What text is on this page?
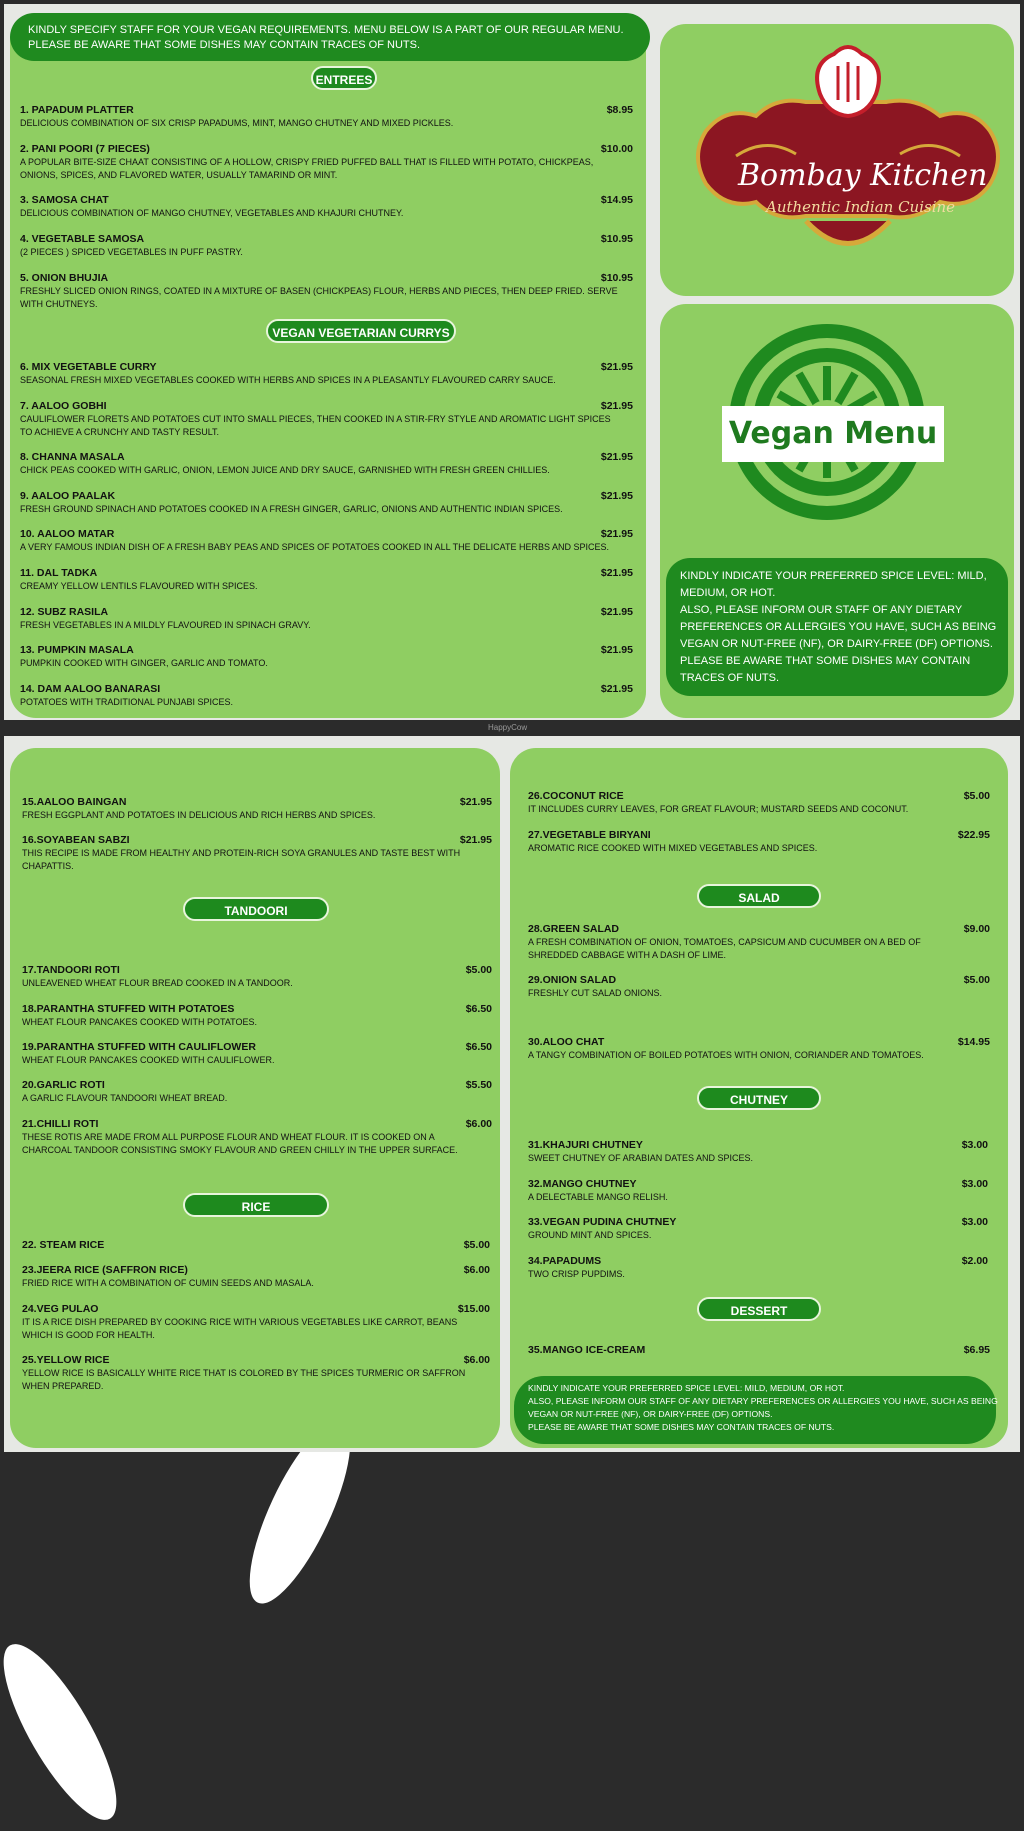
HappyCow

KINDLY SPECIFY STAFF FOR YOUR VEGAN REQUIREMENTS. MENU BELOW IS A PART OF OUR REGULAR MENU.
PLEASE BE AWARE THAT SOME DISHES MAY CONTAIN TRACES OF NUTS.
Bombay Kitchen
Authentic Indian Cuisine
Vegan Menu
KINDLY INDICATE YOUR PREFERRED SPICE LEVEL: MILD,
MEDIUM, OR HOT.
ALSO, PLEASE INFORM OUR STAFF OF ANY DIETARY
PREFERENCES OR ALLERGIES YOU HAVE, SUCH AS BEING
VEGAN OR NUT-FREE (NF), OR DAIRY-FREE (DF) OPTIONS.
PLEASE BE AWARE THAT SOME DISHES MAY CONTAIN
TRACES OF NUTS.
KINDLY INDICATE YOUR PREFERRED SPICE LEVEL: MILD, MEDIUM, OR HOT.
ALSO, PLEASE INFORM OUR STAFF OF ANY DIETARY PREFERENCES OR ALLERGIES YOU HAVE, SUCH AS BEING
VEGAN OR NUT-FREE (NF), OR DAIRY-FREE (DF) OPTIONS.
PLEASE BE AWARE THAT SOME DISHES MAY CONTAIN TRACES OF NUTS.
ENTREES
VEGAN VEGETARIAN CURRYS
TANDOORI
RICE
SALAD
CHUTNEY
DESSERT
1. PAPADUM PLATTER	$8.95
DELICIOUS COMBINATION OF SIX CRISP PAPADUMS, MINT, MANGO CHUTNEY AND MIXED PICKLES.
2. PANI POORI (7 PIECES)	$10.00
A POPULAR BITE-SIZE CHAAT CONSISTING OF A HOLLOW, CRISPY FRIED PUFFED BALL THAT IS FILLED WITH POTATO, CHICKPEAS,
ONIONS, SPICES, AND FLAVORED WATER, USUALLY TAMARIND OR MINT.
3. SAMOSA CHAT	$14.95
DELICIOUS COMBINATION OF MANGO CHUTNEY, VEGETABLES AND KHAJURI CHUTNEY.
4. VEGETABLE SAMOSA	$10.95
(2 PIECES ) SPICED VEGETABLES IN PUFF PASTRY.
5. ONION BHUJIA	$10.95
FRESHLY SLICED ONION RINGS, COATED IN A MIXTURE OF BASEN (CHICKPEAS) FLOUR, HERBS AND PIECES, THEN DEEP FRIED. SERVE
WITH CHUTNEYS.
6. MIX VEGETABLE CURRY	$21.95
SEASONAL FRESH MIXED VEGETABLES COOKED WITH HERBS AND SPICES IN A PLEASANTLY FLAVOURED CARRY SAUCE.
7. AALOO GOBHI	$21.95
CAULIFLOWER FLORETS AND POTATOES CUT INTO SMALL PIECES, THEN COOKED IN A STIR-FRY STYLE AND AROMATIC LIGHT SPICES
TO ACHIEVE A CRUNCHY AND TASTY RESULT.
8. CHANNA MASALA	$21.95
CHICK PEAS COOKED WITH GARLIC, ONION, LEMON JUICE AND DRY SAUCE, GARNISHED WITH FRESH GREEN CHILLIES.
9. AALOO PAALAK	$21.95
FRESH GROUND SPINACH AND POTATOES COOKED IN A FRESH GINGER, GARLIC, ONIONS AND AUTHENTIC INDIAN SPICES.
10. AALOO MATAR	$21.95
A VERY FAMOUS INDIAN DISH OF A FRESH BABY PEAS AND SPICES OF POTATOES COOKED IN ALL THE DELICATE HERBS AND SPICES.
11. DAL TADKA	$21.95
CREAMY YELLOW LENTILS FLAVOURED WITH SPICES.
12. SUBZ RASILA	$21.95
FRESH VEGETABLES IN A MILDLY FLAVOURED IN SPINACH GRAVY.
13. PUMPKIN MASALA	$21.95
PUMPKIN COOKED WITH GINGER, GARLIC AND TOMATO.
14. DAM AALOO BANARASI	$21.95
POTATOES WITH TRADITIONAL PUNJABI SPICES.
15.AALOO BAINGAN	$21.95
FRESH EGGPLANT AND POTATOES IN DELICIOUS AND RICH HERBS AND SPICES.
16.SOYABEAN SABZI	$21.95
THIS RECIPE IS MADE FROM HEALTHY AND PROTEIN-RICH SOYA GRANULES AND TASTE BEST WITH
CHAPATTIS.
17.TANDOORI ROTI	$5.00
UNLEAVENED WHEAT FLOUR BREAD COOKED IN A TANDOOR.
18.PARANTHA STUFFED WITH POTATOES	$6.50
WHEAT FLOUR PANCAKES COOKED WITH POTATOES.
19.PARANTHA STUFFED WITH CAULIFLOWER	$6.50
WHEAT FLOUR PANCAKES COOKED WITH CAULIFLOWER.
20.GARLIC ROTI	$5.50
A GARLIC FLAVOUR TANDOORI WHEAT BREAD.
21.CHILLI ROTI	$6.00
THESE ROTIS ARE MADE FROM ALL PURPOSE FLOUR AND WHEAT FLOUR. IT IS COOKED ON A
CHARCOAL TANDOOR CONSISTING SMOKY FLAVOUR AND GREEN CHILLY IN THE UPPER SURFACE.
22. STEAM RICE	$5.00
23.JEERA RICE (SAFFRON RICE)	$6.00
FRIED RICE WITH A COMBINATION OF CUMIN SEEDS AND MASALA.
24.VEG PULAO	$15.00
IT IS A RICE DISH PREPARED BY COOKING RICE WITH VARIOUS VEGETABLES LIKE CARROT, BEANS
WHICH IS GOOD FOR HEALTH.
25.YELLOW RICE	$6.00
YELLOW RICE IS BASICALLY WHITE RICE THAT IS COLORED BY THE SPICES TURMERIC OR SAFFRON
WHEN PREPARED.
26.COCONUT RICE	$5.00
IT INCLUDES CURRY LEAVES, FOR GREAT FLAVOUR; MUSTARD SEEDS AND COCONUT.
27.VEGETABLE BIRYANI	$22.95
AROMATIC RICE COOKED WITH MIXED VEGETABLES AND SPICES.
28.GREEN SALAD	$9.00
A FRESH COMBINATION OF ONION, TOMATOES, CAPSICUM AND CUCUMBER ON A BED OF
SHREDDED CABBAGE WITH A DASH OF LIME.
29.ONION SALAD	$5.00
FRESHLY CUT SALAD ONIONS.
30.ALOO CHAT	$14.95
A TANGY COMBINATION OF BOILED POTATOES WITH ONION, CORIANDER AND TOMATOES.
31.KHAJURI CHUTNEY	$3.00
SWEET CHUTNEY OF ARABIAN DATES AND SPICES.
32.MANGO CHUTNEY	$3.00
A DELECTABLE MANGO RELISH.
33.VEGAN PUDINA CHUTNEY	$3.00
GROUND MINT AND SPICES.
34.PAPADUMS	$2.00
TWO CRISP PUPDIMS.
35.MANGO ICE-CREAM	$6.95
